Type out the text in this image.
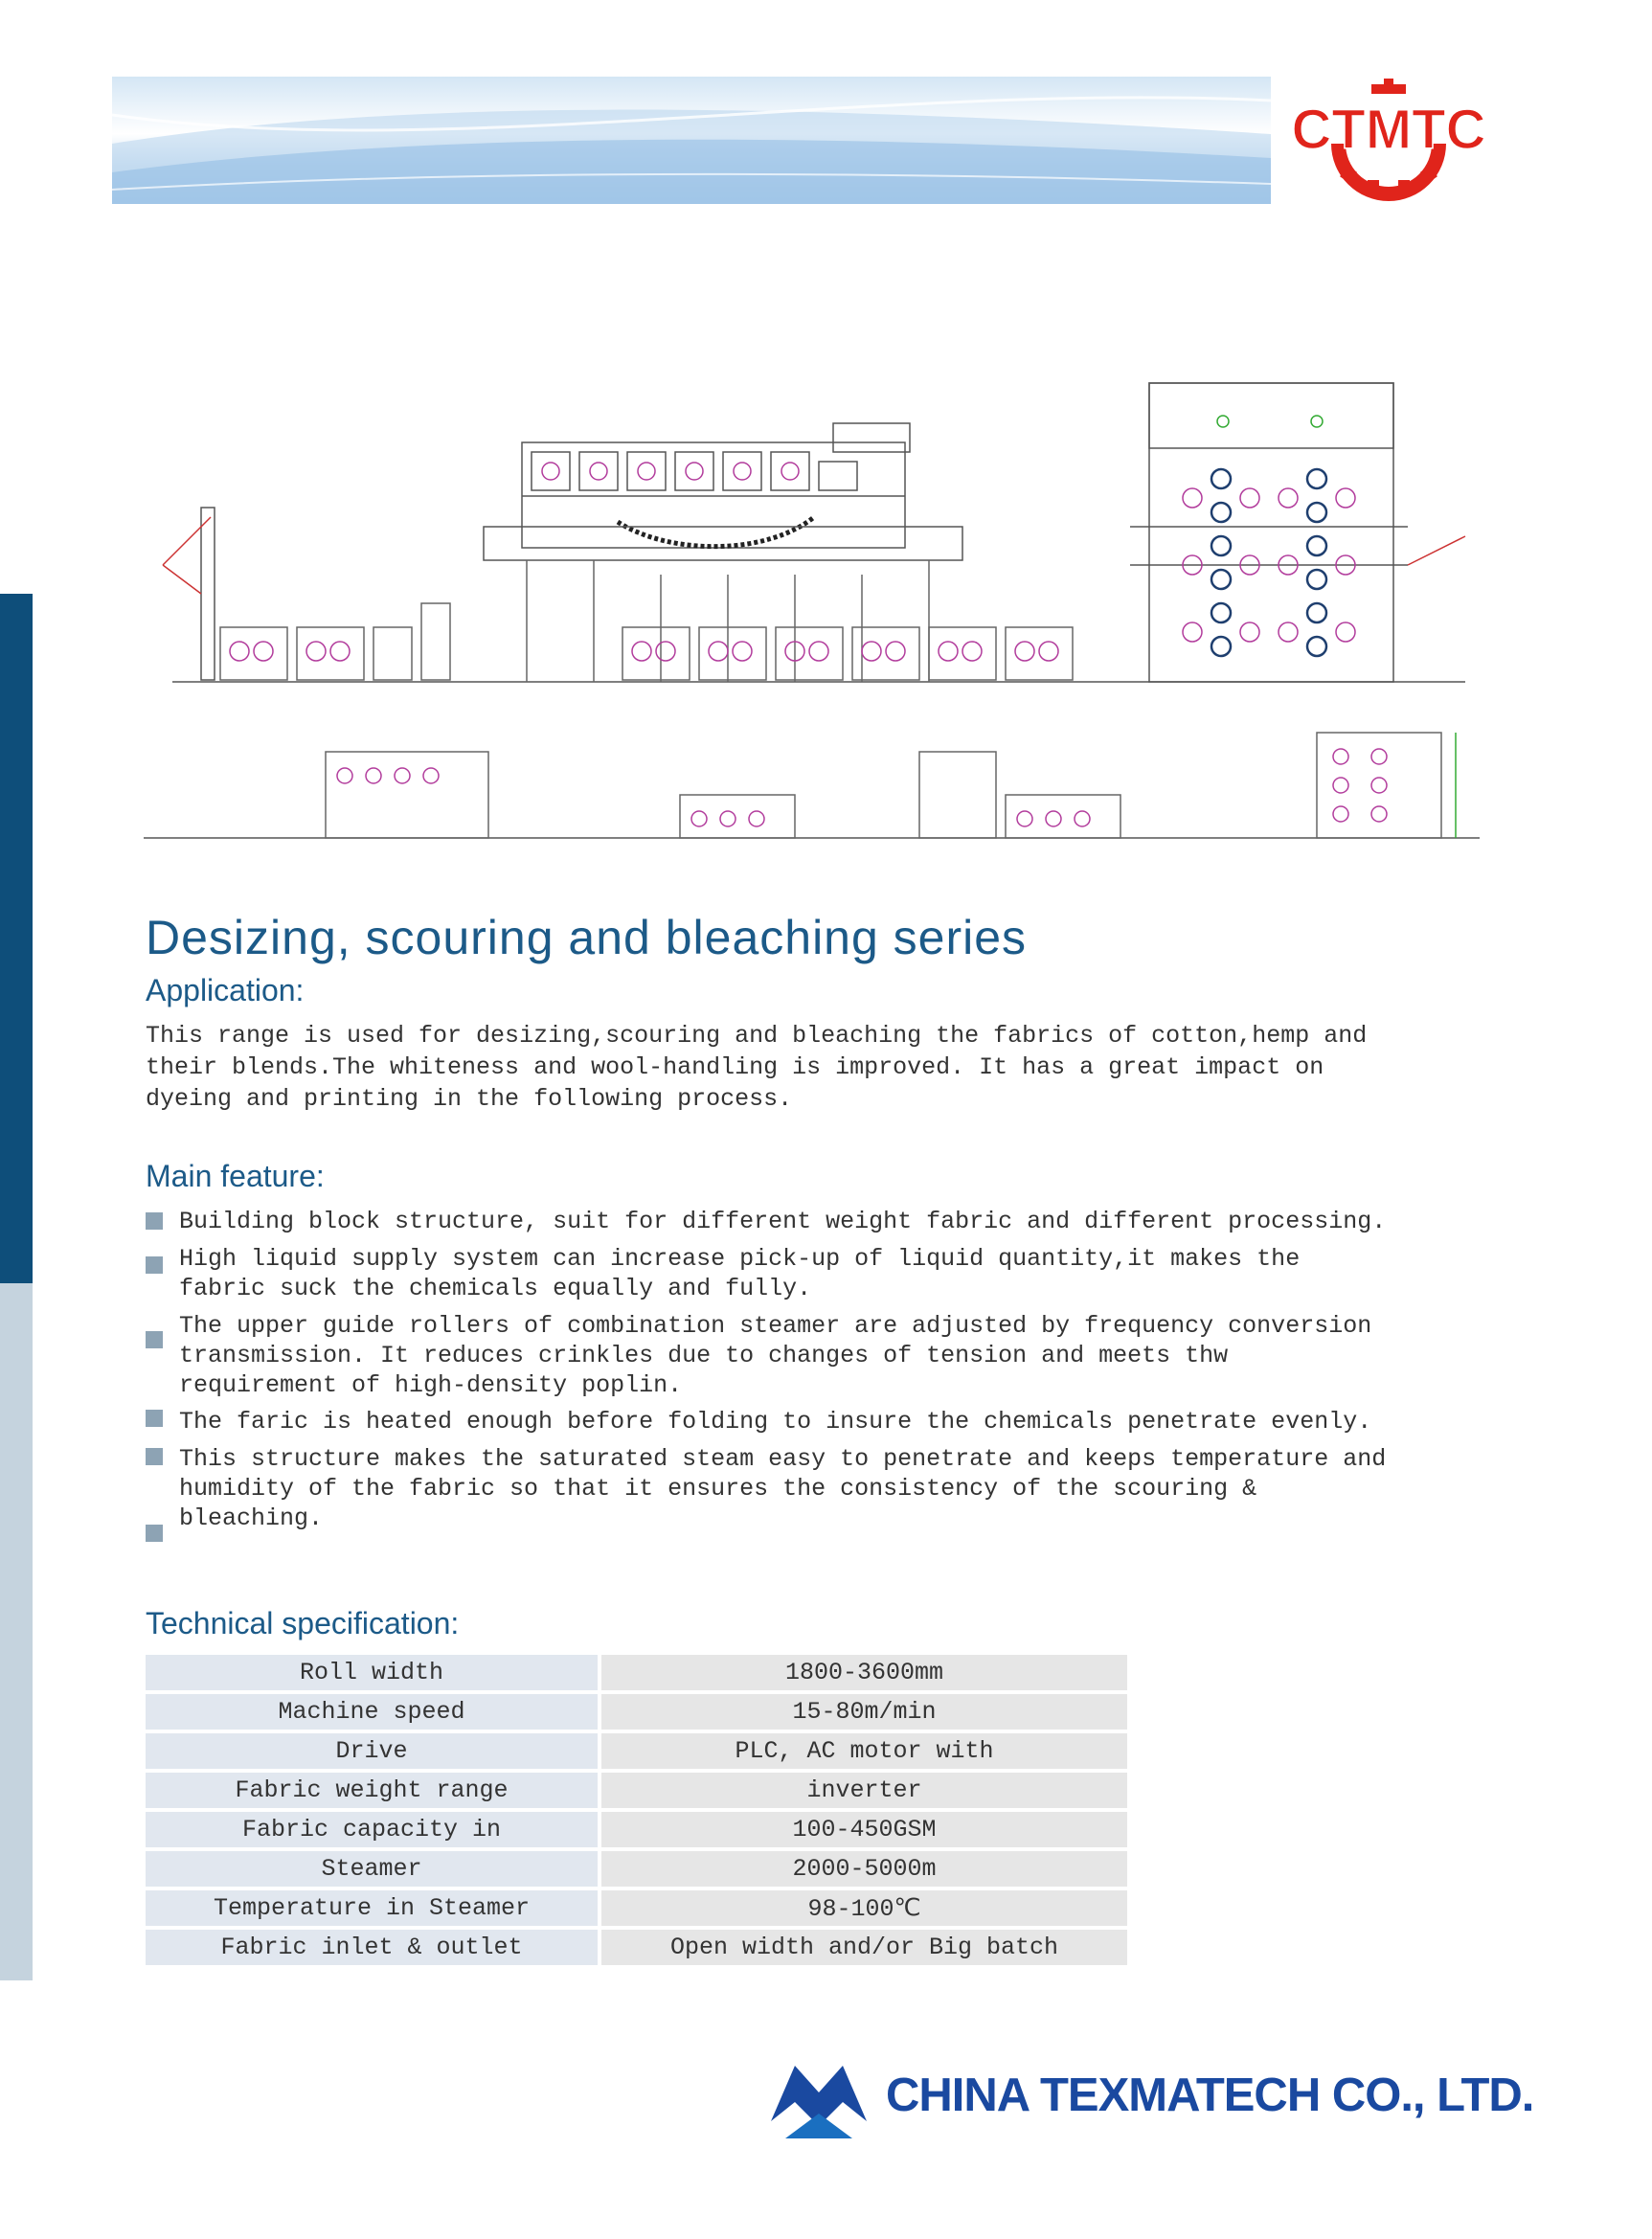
CTMTC
Desizing, scouring and bleaching series
Application:
This range is used for desizing,scouring and bleaching the fabrics of cotton,hemp and
their blends.The whiteness and wool-handling is improved. It has a great impact on
dyeing and printing in the following process.
Main feature:
Building block structure, suit for different weight fabric and different processing.
High liquid supply system can increase pick-up of liquid quantity,it makes the
fabric suck the chemicals equally and fully.
The upper guide rollers of combination steamer are adjusted by frequency conversion
transmission. It reduces crinkles due to changes of tension and meets thw
requirement of high-density poplin.
The faric is heated enough before folding to insure the chemicals penetrate evenly.
This structure makes the saturated steam easy to penetrate and keeps temperature and
humidity of the fabric so that it ensures the consistency of the scouring &
bleaching.
Technical specification:
Roll width	1800-3600mm
Machine speed	15-80m/min
Drive	PLC, AC motor with
Fabric weight range	inverter
Fabric capacity in	100-450GSM
Steamer	2000-5000m
Temperature in Steamer	98-100℃
Fabric inlet & outlet	Open width and/or Big batch
CHINA TEXMATECH CO., LTD.
